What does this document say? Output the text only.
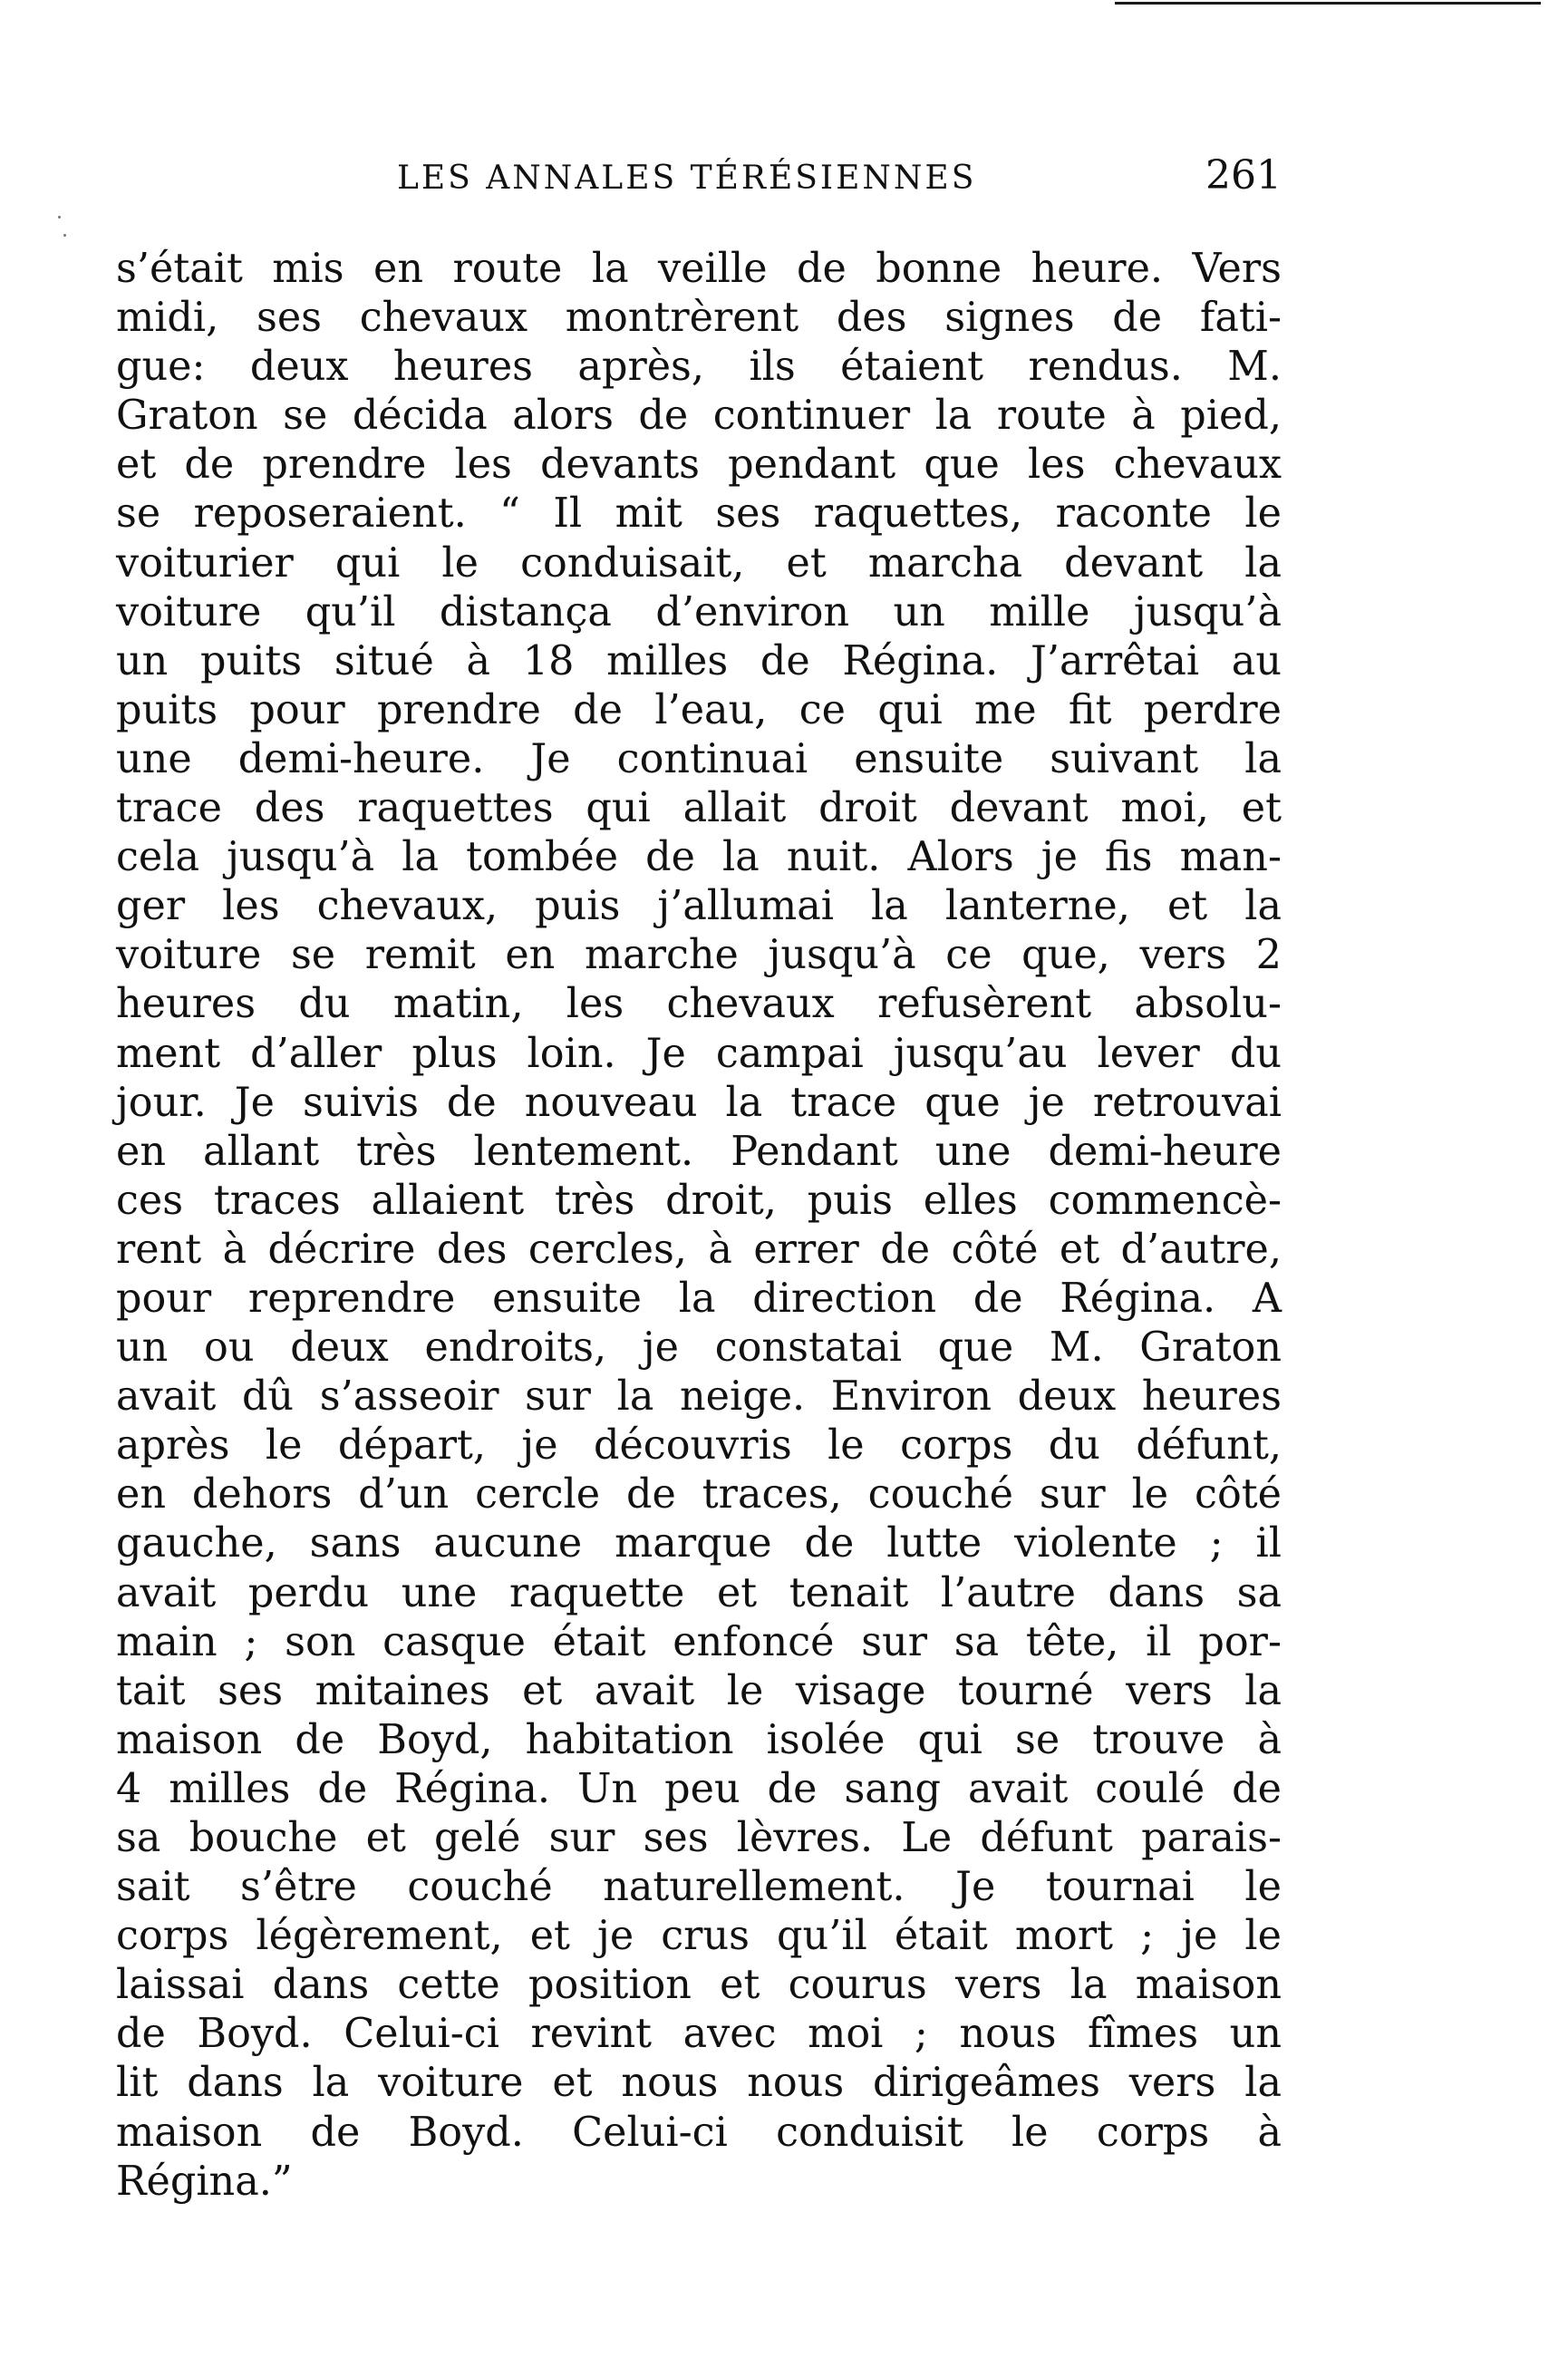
LES ANNALES TÉRÉSIENNES	261
s’était mis en route la veille de bonne heure. Vers
midi, ses chevaux montrèrent des signes de fati-
gue: deux heures après, ils étaient rendus. M.
Graton se décida alors de continuer la route à pied,
et de prendre les devants pendant que les chevaux
se reposeraient. “ Il mit ses raquettes, raconte le
voiturier qui le conduisait, et marcha devant la
voiture qu’il distança d’environ un mille jusqu’à
un puits situé à 18 milles de Régina. J’arrêtai au
puits pour prendre de l’eau, ce qui me fit perdre
une demi-heure. Je continuai ensuite suivant la
trace des raquettes qui allait droit devant moi, et
cela jusqu’à la tombée de la nuit. Alors je fis man-
ger les chevaux, puis j’allumai la lanterne, et la
voiture se remit en marche jusqu’à ce que, vers 2
heures du matin, les chevaux refusèrent absolu-
ment d’aller plus loin. Je campai jusqu’au lever du
jour. Je suivis de nouveau la trace que je retrouvai
en allant très lentement. Pendant une demi-heure
ces traces allaient très droit, puis elles commencè-
rent à décrire des cercles, à errer de côté et d’autre,
pour reprendre ensuite la direction de Régina. A
un ou deux endroits, je constatai que M. Graton
avait dû s’asseoir sur la neige. Environ deux heures
après le départ, je découvris le corps du défunt,
en dehors d’un cercle de traces, couché sur le côté
gauche, sans aucune marque de lutte violente ; il
avait perdu une raquette et tenait l’autre dans sa
main ; son casque était enfoncé sur sa tête, il por-
tait ses mitaines et avait le visage tourné vers la
maison de Boyd, habitation isolée qui se trouve à
4 milles de Régina. Un peu de sang avait coulé de
sa bouche et gelé sur ses lèvres. Le défunt parais-
sait s’être couché naturellement. Je tournai le
corps légèrement, et je crus qu’il était mort ; je le
laissai dans cette position et courus vers la maison
de Boyd. Celui-ci revint avec moi ; nous fîmes un
lit dans la voiture et nous nous dirigeâmes vers la
maison de Boyd. Celui-ci conduisit le corps à
Régina.”
